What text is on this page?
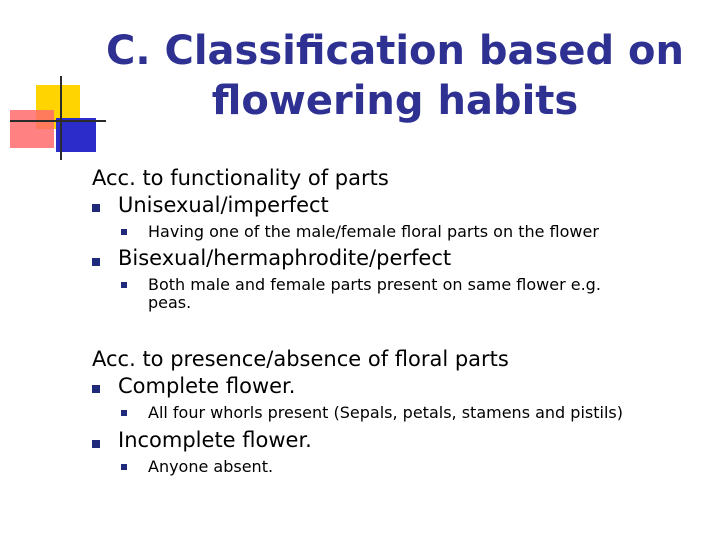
C. Classification based on
flowering habits
Acc. to functionality of parts
Unisexual/imperfect
Having one of the male/female floral parts on the flower
Bisexual/hermaphrodite/perfect
Both male and female parts present on same flower e.g.
peas.
Acc. to presence/absence of floral parts
Complete flower.
All four whorls present (Sepals, petals, stamens and pistils)
Incomplete flower.
Anyone absent.
